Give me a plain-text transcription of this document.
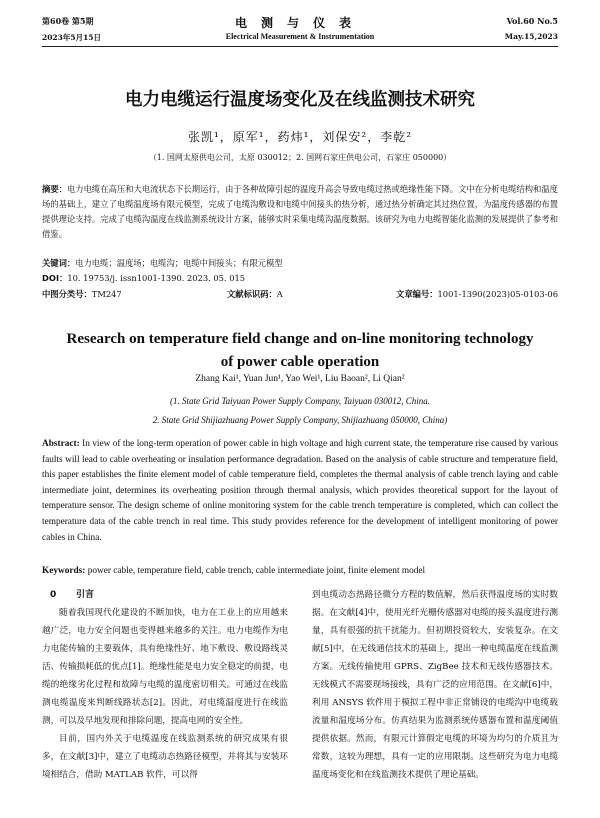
第60卷 第5期	电测与仪表	Vol.60 No.5
2023年5月15日	Electrical Measurement & Instrumentation	May.15,2023
电力电缆运行温度场变化及在线监测技术研究
张凯¹，原军¹，药炜¹，刘保安²，李乾²
（1. 国网太原供电公司，太原 030012；2. 国网石家庄供电公司，石家庄 050000）
摘要：电力电缆在高压和大电流状态下长期运行，由于各种故障引起的温度升高会导致电缆过热或绝缘性能下降。文中在分析电缆结构和温度场的基础上，建立了电缆温度场有限元模型，完成了电缆沟敷设和电缆中间接头的热分析，通过热分析确定其过热位置，为温度传感器的布置提供理论支持。完成了电缆沟温度在线监测系统设计方案，能够实时采集电缆沟温度数据。该研究为电力电缆智能化监测的发展提供了参考和借鉴。
关键词：电力电缆；温度场；电缆沟；电缆中间接头；有限元模型
DOI：10. 19753/j. issn1001-1390. 2023. 05. 015
中图分类号：TM247	文献标识码：A	文章编号：1001-1390(2023)05-0103-06
Research on temperature field change and on-line monitoring technology of power cable operation
Zhang Kai¹, Yuan Jun¹, Yao Wei¹, Liu Baoan², Li Qian²
(1. State Grid Taiyuan Power Supply Company, Taiyuan 030012, China.
2. State Grid Shijiazhuang Power Supply Company, Shijiazhuang 050000, China)
Abstract: In view of the long-term operation of power cable in high voltage and high current state, the temperature rise caused by various faults will lead to cable overheating or insulation performance degradation. Based on the analysis of cable structure and temperature field, this paper establishes the finite element model of cable temperature field, completes the thermal analysis of cable trench laying and cable intermediate joint, determines its overheating position through thermal analysis, which provides theoretical support for the layout of temperature sensor. The design scheme of online monitoring system for the cable trench temperature is completed, which can collect the temperature data of the cable trench in real time. This study provides reference for the development of intelligent monitoring of power cables in China.
Keywords: power cable, temperature field, cable trench, cable intermediate joint, finite element model
0 引言

随着我国现代化建设的不断加快，电力在工业上的应用越来越广泛，电力安全问题也变得越来越多的关注。电力电缆作为电力电能传输的主要载体，具有绝缘性好、地下敷设、敷设路线灵活、传输损耗低的优点[1]。绝缘性能是电力安全稳定的前提，电缆的绝缘劣化过程和故障与电缆的温度密切相关。可通过在线监测电缆温度来判断线路状态[2]。因此，对电缆温度进行在线监测，可以及早地发现和排除问题，提高电网的安全性。

目前，国内外关于电缆温度在线监测系统的研究成果有很多，在文献[3]中，建立了电缆动态热路径模型，并将其与安装环境相结合，借助 MATLAB 软件，可以得

到电缆动态热路径微分方程的数值解，然后获得温度场的实时数据。在文献[4]中，使用光纤光栅传感器对电缆的接头温度进行测量，具有很强的抗干扰能力。但初期投资较大，安装复杂。在文献[5]中，在无线通信技术的基础上，提出一种电缆温度在线监测方案。无线传输使用 GPRS、ZigBee 技术和无线传感器技术。无线模式不需要现场接线，具有广泛的应用范围。在文献[6]中，利用 ANSYS 软件用于模拟工程中非正常铺设的电缆沟中电缆载流量和温度场分布。仿真结果为监测系统传感器布置和温度阈值提供依据。然而，有限元计算假定电缆的环境为均匀的介质且为常数，这较为理想，具有一定的应用限制。这些研究为电力电缆温度场变化和在线监测技术提供了理论基础。
